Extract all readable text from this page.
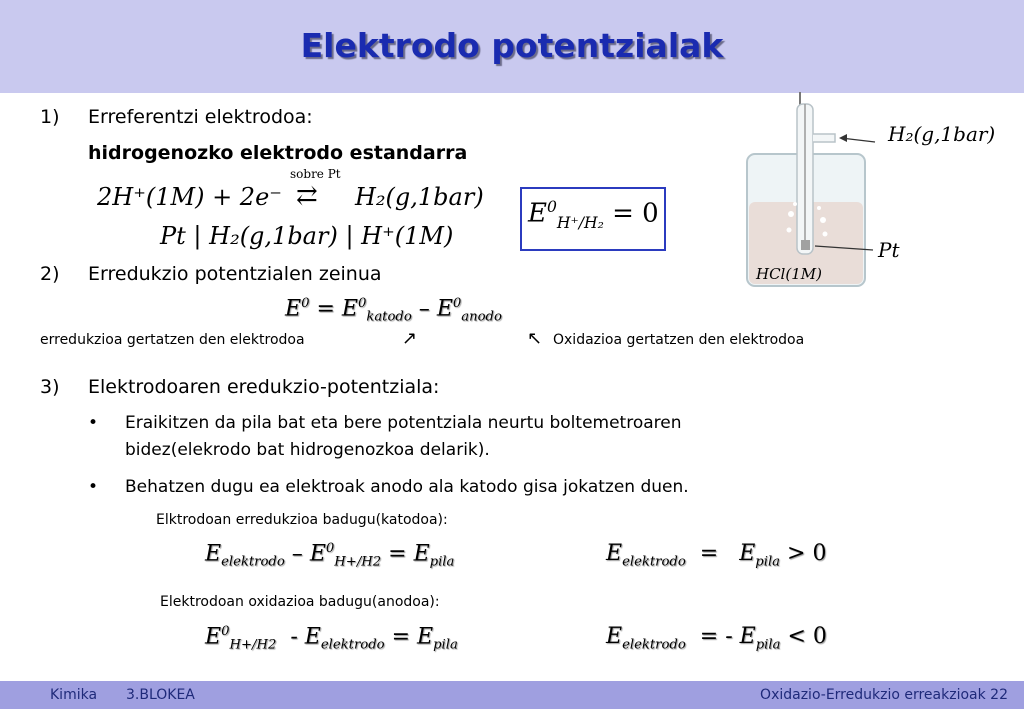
Elektrodo potentzialak
1) Erreferentzi elektrodoa:
hidrogenozko elektrodo estandarra
sobre Pt
2H⁺(1M) + 2e⁻ ⇄ H₂(g,1bar)
Pt | H₂(g,1bar) | H⁺(1M)
$E^0_{H^+/H_2} = 0$
H₂(g,1bar)
Pt
HCl(1M)
2) Erredukzio potentzialen zeinua
$E^0 = E^0_{katodo} - E^0_{anodo}$
erredukzioa gertatzen den elektrodoa	↗	↖ Oxidazioa gertatzen den elektrodoa
3) Elektrodoaren eredukzio-potentziala:
• Eraikitzen da pila bat eta bere potentziala neurtu boltemetroaren
bidez(elekrodo bat hidrogenozkoa delarik).
• Behatzen dugu ea elektroak anodo ala katodo gisa jokatzen duen.
Elktrodoan erredukzioa badugu(katodoa):
$E_{elektrodo} - E^0_{H+/H2} = E_{pila}$	$E_{elektrodo} = E_{pila} > 0$
Elektrodoan oxidazioa badugu(anodoa):
$E^0_{H+/H2} - E_{elektrodo} = E_{pila}$	$E_{elektrodo}$  = - $E_{pila} < 0$
Kimika 3.BLOKEA	Oxidazio-Erredukzio erreakzioak 22
